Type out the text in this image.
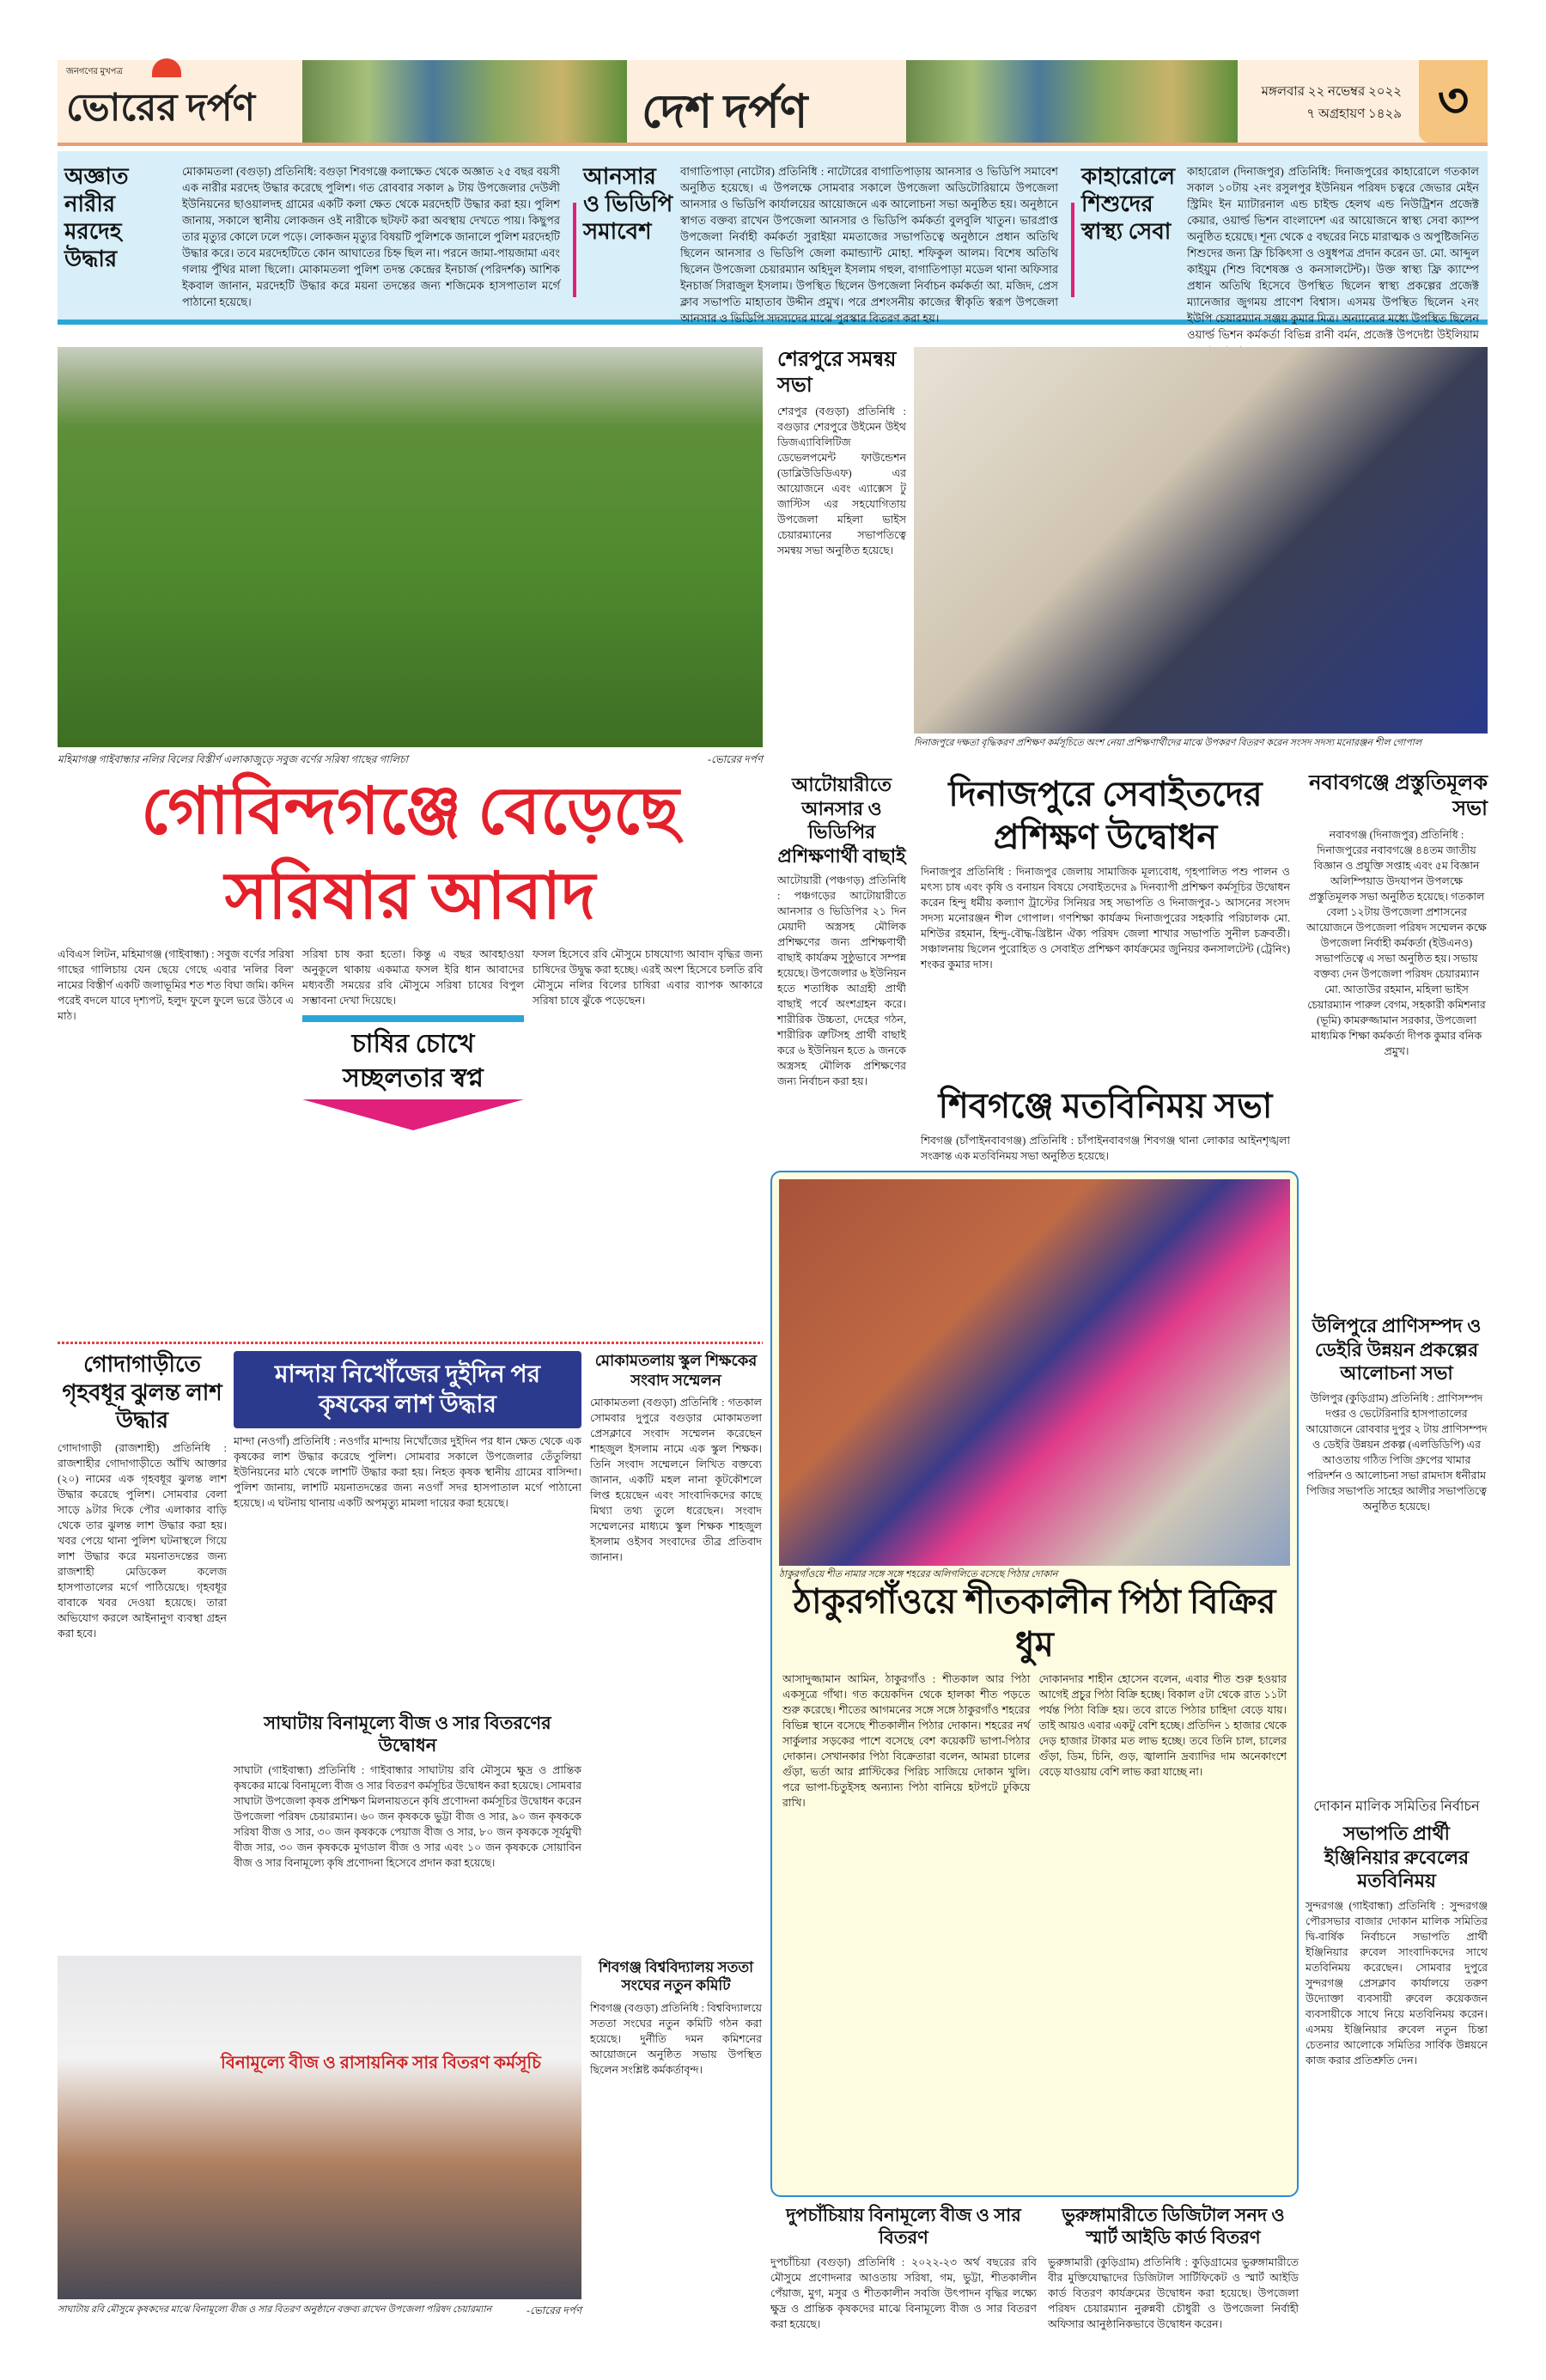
জনগণের মুখপত্র
ভোরের দর্পণ	দেশ দর্পণ	মঙ্গলবার ২২ নভেম্বর ২০২২
৭ অগ্রহায়ণ ১৪২৯ ৩
অজ্ঞাত নারীর মরদেহ উদ্ধার
মোকামতলা (বগুড়া) প্রতিনিধি: বগুড়া শিবগঞ্জে কলাক্ষেত থেকে অজ্ঞাত ২৫ বছর বয়সী এক নারীর মরদেহ উদ্ধার করেছে পুলিশ। গত রোববার সকাল ৯ টায় উপজেলার দেউলী ইউনিয়নের ছাওয়ালদহ গ্রামের একটি কলা ক্ষেত থেকে মরদেহটি উদ্ধার করা হয়। পুলিশ জানায়, সকালে স্থানীয় লোকজন ওই নারীকে ছটফট করা অবস্থায় দেখতে পায়। কিছুপর তার মৃত্যুর কোলে ঢলে পড়ে। লোকজন মৃত্যুর বিষয়টি পুলিশকে জানালে পুলিশ মরদেহটি উদ্ধার করে। তবে মরদেহটিতে কোন আঘাতের চিহ্ন ছিল না। পরনে জামা-পায়জামা এবং গলায় পুঁথির মালা ছিলো। মোকামতলা পুলিশ তদন্ত কেন্দ্রের ইনচার্জ (পরিদর্শক) আশিক ইকবাল জানান, মরদেহটি উদ্ধার করে ময়না তদন্তের জন্য শজিমেক হাসপাতাল মর্গে পাঠানো হয়েছে।
আনসার ও ভিডিপি সমাবেশ
বাগাতিপাড়া (নাটোর) প্রতিনিধি : নাটোরের বাগাতিপাড়ায় আনসার ও ভিডিপি সমাবেশ অনুষ্ঠিত হয়েছে। এ উপলক্ষে সোমবার সকালে উপজেলা অডিটোরিয়ামে উপজেলা আনসার ও ভিডিপি কার্যালয়ের আয়োজনে এক আলোচনা সভা অনুষ্ঠিত হয়। অনুষ্ঠানে স্বাগত বক্তব্য রাখেন উপজেলা আনসার ও ভিডিপি কর্মকর্তা বুলবুলি খাতুন। ভারপ্রাপ্ত উপজেলা নির্বাহী কর্মকর্তা সুরাইয়া মমতাজের সভাপতিত্বে অনুষ্ঠানে প্রধান অতিথি ছিলেন আনসার ও ভিডিপি জেলা কমান্ড্যান্ট মোহা. শফিকুল আলম। বিশেষ অতিথি ছিলেন উপজেলা চেয়ারম্যান অহিদুল ইসলাম গহুল, বাগাতিপাড়া মডেল থানা অফিসার ইনচার্জ সিরাজুল ইসলাম। উপস্থিত ছিলেন উপজেলা নির্বাচন কর্মকর্তা আ. মজিদ, প্রেস ক্লাব সভাপতি মাহাতাব উদ্দীন প্রমুখ। পরে প্রশংসনীয় কাজের স্বীকৃতি স্বরূপ উপজেলা আনসার ও ভিডিপি সদস্যদের মাঝে পুরস্কার বিতরণ করা হয়।
কাহারোলে শিশুদের স্বাস্থ্য সেবা
কাহারোল (দিনাজপুর) প্রতিনিধি: দিনাজপুরের কাহারোলে গতকাল সকাল ১০টায় ২নং রসুলপুর ইউনিয়ন পরিষদ চত্বরে জেভার মেইন স্ট্রিমিং ইন ম্যাটারনাল এন্ড চাইল্ড হেলথ এন্ড নিউট্রিশন প্রজেক্ট কেয়ার, ওয়ার্ল্ড ভিশন বাংলাদেশ এর আয়োজনে স্বাস্থ্য সেবা ক্যাম্প অনুষ্ঠিত হয়েছে। শূন্য থেকে ৫ বছরের নিচে মারাত্মক ও অপুষ্টিজনিত শিশুদের জন্য ফ্রি চিকিৎসা ও ওষুধপত্র প্রদান করেন ডা. মো. আব্দুল কাইয়ুম (শিশু বিশেষজ্ঞ ও কনসালটেন্ট)। উক্ত স্বাস্থ্য ফ্রি ক্যাম্পে প্রধান অতিথি হিসেবে উপস্থিত ছিলেন স্বাস্থ্য প্রকল্পের প্রজেক্ট ম্যানেজার জুগময় প্রাণেশ বিশ্বাস। এসময় উপস্থিত ছিলেন ২নং ইউপি চেয়ারম্যান সঞ্জয় কুমার মিত্র। অন্যান্যের মধ্যে উপস্থিত ছিলেন ওয়ার্ল্ড ভিশন কর্মকর্তা বিভিন্ন রানী বর্মন, প্রজেক্ট উপদেষ্টা উইলিয়াম
মহিমাগঞ্জ গাইবান্ধার নলির বিলের বিস্তীর্ণ এলাকাজুড়ে সবুজ বর্ণের সরিষা গাছের গালিচা	-ভোরের দর্পণ
গোবিন্দগঞ্জে বেড়েছে সরিষার আবাদ
এবিএস লিটন, মহিমাগঞ্জ (গাইবান্ধা) : সবুজ বর্ণের সরিষা গাছের গালিচায় যেন ছেয়ে গেছে এবার 'নলির বিল' নামের বিস্তীর্ণ একটি জলাভূমির শত শত বিঘা জমি। কদিন পরেই বদলে যাবে দৃশ্যপট, হলুদ ফুলে ফুলে ভরে উঠবে এ মাঠ।
সরিষা চাষ করা হতো। কিন্তু এ বছর আবহাওয়া অনুকূলে থাকায় একমাত্র ফসল ইরি ধান আবাদের মধ্যবর্তী সময়ের রবি মৌসুমে সরিষা চাষের বিপুল সম্ভাবনা দেখা দিয়েছে।
চাষির চোখে সচ্ছলতার স্বপ্ন
ফসল হিসেবে রবি মৌসুমে চাষযোগ্য আবাদ বৃদ্ধির জন্য চাষিদের উদ্বুদ্ধ করা হচ্ছে। এরই অংশ হিসেবে চলতি রবি মৌসুমে নলির বিলের চাষিরা এবার ব্যাপক আকারে সরিষা চাষে ঝুঁকে পড়েছেন।
শেরপুরে সমন্বয় সভা
শেরপুর (বগুড়া) প্রতিনিধি : বগুড়ার শেরপুরে উইমেন উইথ ডিজএ্যাবিলিটিজ ডেভেলপমেন্ট ফাউন্ডেশন (ডাব্লিউডিডিএফ) এর আয়োজনে এবং এ্যাক্সেস টু জাস্টিস এর সহযোগিতায় উপজেলা মহিলা ভাইস চেয়ারম্যানের সভাপতিত্বে সমন্বয় সভা অনুষ্ঠিত হয়েছে।
দিনাজপুরে দক্ষতা বৃদ্ধিকরণ প্রশিক্ষণ কর্মসূচিতে অংশ নেয়া প্রশিক্ষণার্থীদের মাঝে উপকরণ বিতরণ করেন সংসদ সদস্য মনোরঞ্জন শীল গোপাল
আটোয়ারীতে আনসার ও ভিডিপির প্রশিক্ষণার্থী বাছাই
আটোয়ারী (পঞ্চগড়) প্রতিনিধি : পঞ্চগড়ের আটোয়ারীতে আনসার ও ভিডিপির ২১ দিন মেয়াদী অস্ত্রসহ মৌলিক প্রশিক্ষণের জন্য প্রশিক্ষণার্থী বাছাই কার্যক্রম সুষ্ঠুভাবে সম্পন্ন হয়েছে। উপজেলার ৬ ইউনিয়ন হতে শতাধিক আগ্রহী প্রার্থী বাছাই পর্বে অংশগ্রহন করে। শারীরিক উচ্চতা, দেহের গঠন, শারীরিক ত্রুটিসহ প্রার্থী বাছাই করে ৬ ইউনিয়ন হতে ৯ জনকে অস্ত্রসহ মৌলিক প্রশিক্ষণের জন্য নির্বাচন করা হয়।
দিনাজপুরে সেবাইতদের প্রশিক্ষণ উদ্বোধন
দিনাজপুর প্রতিনিধি : দিনাজপুর জেলায় সামাজিক মূল্যবোধ, গৃহপালিত পশু পালন ও মৎস্য চাষ এবং কৃষি ও বনায়ন বিষয়ে সেবাইতদের ৯ দিনব্যাপী প্রশিক্ষণ কর্মসূচির উদ্বোধন করেন হিন্দু ধর্মীয় কল্যাণ ট্রাস্টের সিনিয়র সহ সভাপতি ও দিনাজপুর-১ আসনের সংসদ সদস্য মনোরঞ্জন শীল গোপাল। গণশিক্ষা কার্যক্রম দিনাজপুরের সহকারি পরিচালক মো. মশিউর রহমান, হিন্দু-বৌদ্ধ-খ্রিষ্টান ঐক্য পরিষদ জেলা শাখার সভাপতি সুনীল চক্রবর্তী। সঞ্চালনায় ছিলেন পুরোহিত ও সেবাইত প্রশিক্ষণ কার্যক্রমের জুনিয়র কনসালটেন্ট (ট্রেনিং) শংকর কুমার দাস।
শিবগঞ্জে মতবিনিময় সভা
শিবগঞ্জ (চাঁপাইনবাবগঞ্জ) প্রতিনিধি : চাঁপাইনবাবগঞ্জ শিবগঞ্জ থানা লোকার আইনশৃঙ্খলা সংক্রান্ত এক মতবিনিময় সভা অনুষ্ঠিত হয়েছে।
ঠাকুরগাঁওয়ে শীত নামার সঙ্গে সঙ্গে শহরের অলিগলিতে বসেছে পিঠার দোকান
ঠাকুরগাঁওয়ে শীতকালীন পিঠা বিক্রির ধুম
আসাদুজ্জামান আমিন, ঠাকুরগাঁও : শীতকাল আর পিঠা একসূত্রে গাঁথা। গত কয়েকদিন থেকে হালকা শীত পড়তে শুরু করেছে। শীতের আগমনের সঙ্গে সঙ্গে ঠাকুরগাঁও শহরের বিভিন্ন স্থানে বসেছে শীতকালীন পিঠার দোকান। শহরের নর্থ সার্কুলার সড়কের পাশে বসেছে বেশ কয়েকটি ভাপা-পিঠার দোকান। সেখানকার পিঠা বিক্রেতারা বলেন, আমরা চালের গুঁড়া, ভর্তা আর প্লাস্টিকের পিরিচ সাজিয়ে দোকান খুলি। পরে ভাপা-চিতুইসহ অন্যান্য পিঠা বানিয়ে হটপটে ঢুকিয়ে রাখি।
দোকানদার শাহীন হোসেন বলেন, এবার শীত শুরু হওয়ার আগেই প্রচুর পিঠা বিক্রি হচ্ছে। বিকাল ৫টা থেকে রাত ১১টা পর্যন্ত পিঠা বিক্রি হয়। তবে রাতে পিঠার চাহিদা বেড়ে যায়। তাই আয়ও এবার একটু বেশি হচ্ছে। প্রতিদিন ১ হাজার থেকে দেড় হাজার টাকার মত লাভ হচ্ছে। তবে তিনি চাল, চালের গুঁড়া, ডিম, চিনি, গুড়, জ্বালানি দ্রব্যাদির দাম অনেকাংশে বেড়ে যাওয়ায় বেশি লাভ করা যাচ্ছে না।
নবাবগঞ্জে প্রস্তুতিমূলক সভা
নবাবগঞ্জ (দিনাজপুর) প্রতিনিধি : দিনাজপুরের নবাবগঞ্জে ৪৪তম জাতীয় বিজ্ঞান ও প্রযুক্তি সপ্তাহ এবং ৫ম বিজ্ঞান অলিম্পিয়াড উদযাপন উপলক্ষে প্রস্তুতিমূলক সভা অনুষ্ঠিত হয়েছে। গতকাল বেলা ১২টায় উপজেলা প্রশাসনের আয়োজনে উপজেলা পরিষদ সম্মেলন কক্ষে উপজেলা নির্বাহী কর্মকর্তা (ইউএনও) সভাপতিত্বে এ সভা অনুষ্ঠিত হয়। সভায় বক্তব্য দেন উপজেলা পরিষদ চেয়ারম্যান মো. আতাউর রহমান, মহিলা ভাইস চেয়ারম্যান পারুল বেগম, সহকারী কমিশনার (ভূমি) কামরুজ্জামান সরকার, উপজেলা মাধ্যমিক শিক্ষা কর্মকর্তা দীপক কুমার বনিক প্রমুখ।
উলিপুরে প্রাণিসম্পদ ও ডেইরি উন্নয়ন প্রকল্পের আলোচনা সভা
উলিপুর (কুড়িগ্রাম) প্রতিনিধি : প্রাণিসম্পদ দপ্তর ও ভেটেরিনারি হাসপাতালের আয়োজনে রোববার দুপুর ২ টায় প্রাণিসম্পদ ও ডেইরি উন্নয়ন প্রকল্প (এলডিডিপি) এর আওতায় গঠিত পিজি গ্রুপের খামার পরিদর্শন ও আলোচনা সভা রামদাস ধনীরাম পিজির সভাপতি সাহের আলীর সভাপতিত্বে অনুষ্ঠিত হয়েছে।
দোকান মালিক সমিতির নির্বাচন
সভাপতি প্রার্থী ইঞ্জিনিয়ার রুবেলের মতবিনিময়
সুন্দরগঞ্জ (গাইবান্ধা) প্রতিনিধি : সুন্দরগঞ্জ পৌরসভার বাজার দোকান মালিক সমিতির দ্বি-বার্ষিক নির্বাচনে সভাপতি প্রার্থী ইঞ্জিনিয়ার রুবেল সাংবাদিকদের সাথে মতবিনিময় করেছেন। সোমবার দুপুরে সুন্দরগঞ্জ প্রেসক্লাব কার্যালয়ে তরুণ উদ্যোক্তা ব্যবসায়ী রুবেল কয়েকজন ব্যবসায়ীকে সাথে নিয়ে মতবিনিময় করেন। এসময় ইঞ্জিনিয়ার রুবেল নতুন চিন্তা চেতনার আলোকে সমিতির সার্বিক উন্নয়নে কাজ করার প্রতিশ্রুতি দেন।
গোদাগাড়ীতে গৃহবধূর ঝুলন্ত লাশ উদ্ধার
গোদাগাড়ী (রাজশাহী) প্রতিনিধি : রাজশাহীর গোদাগাড়ীতে আঁখি আক্তার (২০) নামের এক গৃহবধূর ঝুলন্ত লাশ উদ্ধার করেছে পুলিশ। সোমবার বেলা সাড়ে ৯টার দিকে পৌর এলাকার বাড়ি থেকে তার ঝুলন্ত লাশ উদ্ধার করা হয়। খবর পেয়ে থানা পুলিশ ঘটনাস্থলে গিয়ে লাশ উদ্ধার করে ময়নাতদন্তের জন্য রাজশাহী মেডিকেল কলেজ হাসপাতালের মর্গে পাঠিয়েছে। গৃহবধূর বাবাকে খবর দেওয়া হয়েছে। তারা অভিযোগ করলে আইনানুগ ব্যবস্থা গ্রহন করা হবে।
মান্দায় নিখোঁজের দুইদিন পর কৃষকের লাশ উদ্ধার
মান্দা (নওগাঁ) প্রতিনিধি : নওগাঁর মান্দায় নিখোঁজের দুইদিন পর ধান ক্ষেত থেকে এক কৃষকের লাশ উদ্ধার করেছে পুলিশ। সোমবার সকালে উপজেলার তেঁতুলিয়া ইউনিয়নের মাঠ থেকে লাশটি উদ্ধার করা হয়। নিহত কৃষক স্থানীয় গ্রামের বাসিন্দা। পুলিশ জানায়, লাশটি ময়নাতদন্তের জন্য নওগাঁ সদর হাসপাতাল মর্গে পাঠানো হয়েছে। এ ঘটনায় থানায় একটি অপমৃত্যু মামলা দায়ের করা হয়েছে।
সাঘাটায় বিনামূল্যে বীজ ও সার বিতরণের উদ্বোধন
সাঘাটা (গাইবান্ধা) প্রতিনিধি : গাইবান্ধার সাঘাটায় রবি মৌসুমে ক্ষুদ্র ও প্রান্তিক কৃষকের মাঝে বিনামূল্যে বীজ ও সার বিতরণ কর্মসূচির উদ্বোধন করা হয়েছে। সোমবার সাঘাটা উপজেলা কৃষক প্রশিক্ষণ মিলনায়তনে কৃষি প্রণোদনা কর্মসূচির উদ্বোধন করেন উপজেলা পরিষদ চেয়ারম্যান। ৬০ জন কৃষককে ভুট্টা বীজ ও সার, ৯০ জন কৃষককে সরিষা বীজ ও সার, ৩০ জন কৃষককে পেয়াজ বীজ ও সার, ৮০ জন কৃষককে সূর্যমুখী বীজ সার, ৩০ জন কৃষককে মুগডাল বীজ ও সার এবং ১০ জন কৃষককে সোয়াবিন বীজ ও সার বিনামূল্যে কৃষি প্রণোদনা হিসেবে প্রদান করা হয়েছে।
মোকামতলায় স্কুল শিক্ষকের সংবাদ সম্মেলন
মোকামতলা (বগুড়া) প্রতিনিধি : গতকাল সোমবার দুপুরে বগুড়ার মোকামতলা প্রেসক্লাবে সংবাদ সম্মেলন করেছেন শাহজুল ইসলাম নামে এক স্কুল শিক্ষক। তিনি সংবাদ সম্মেলনে লিখিত বক্তব্যে জানান, একটি মহল নানা কূটকৌশলে লিপ্ত হয়েছেন এবং সাংবাদিকদের কাছে মিথ্যা তথ্য তুলে ধরেছেন। সংবাদ সম্মেলনের মাধ্যমে স্কুল শিক্ষক শাহজুল ইসলাম ওইসব সংবাদের তীব্র প্রতিবাদ জানান।
বিনামূল্যে বীজ ও রাসায়নিক সার বিতরণ কর্মসূচি
সাঘাটায় রবি মৌসুমে কৃষকদের মাঝে বিনামূল্যে বীজ ও সার বিতরণ অনুষ্ঠানে বক্তব্য রাখেন উপজেলা পরিষদ চেয়ারম্যান	-ভোরের দর্পণ
শিবগঞ্জ বিশ্ববিদ্যালয় সততা সংঘের নতুন কমিটি
শিবগঞ্জ (বগুড়া) প্রতিনিধি : বিশ্ববিদ্যালয়ে সততা সংঘের নতুন কমিটি গঠন করা হয়েছে। দুর্নীতি দমন কমিশনের আয়োজনে অনুষ্ঠিত সভায় উপস্থিত ছিলেন সংশ্লিষ্ট কর্মকর্তাবৃন্দ।
দুপচাঁচিয়ায় বিনামূল্যে বীজ ও সার বিতরণ
দুপচাঁচিয়া (বগুড়া) প্রতিনিধি : ২০২২-২৩ অর্থ বছরের রবি মৌসুমে প্রণোদনার আওতায় সরিষা, গম, ভুট্টা, শীতকালীন পেঁয়াজ, মুগ, মসুর ও শীতকালীন সবজি উৎপাদন বৃদ্ধির লক্ষ্যে ক্ষুদ্র ও প্রান্তিক কৃষকদের মাঝে বিনামূল্যে বীজ ও সার বিতরণ করা হয়েছে।
ভুরুঙ্গামারীতে ডিজিটাল সনদ ও স্মার্ট আইডি কার্ড বিতরণ
ভুরুঙ্গামারী (কুড়িগ্রাম) প্রতিনিধি : কুড়িগ্রামের ভুরুঙ্গামারীতে বীর মুক্তিযোদ্ধাদের ডিজিটাল সার্টিফিকেট ও স্মার্ট আইডি কার্ড বিতরণ কার্যক্রমের উদ্বোধন করা হয়েছে। উপজেলা পরিষদ চেয়ারম্যান নুরুন্নবী চৌধুরী ও উপজেলা নির্বাহী অফিসার আনুষ্ঠানিকভাবে উদ্বোধন করেন।
